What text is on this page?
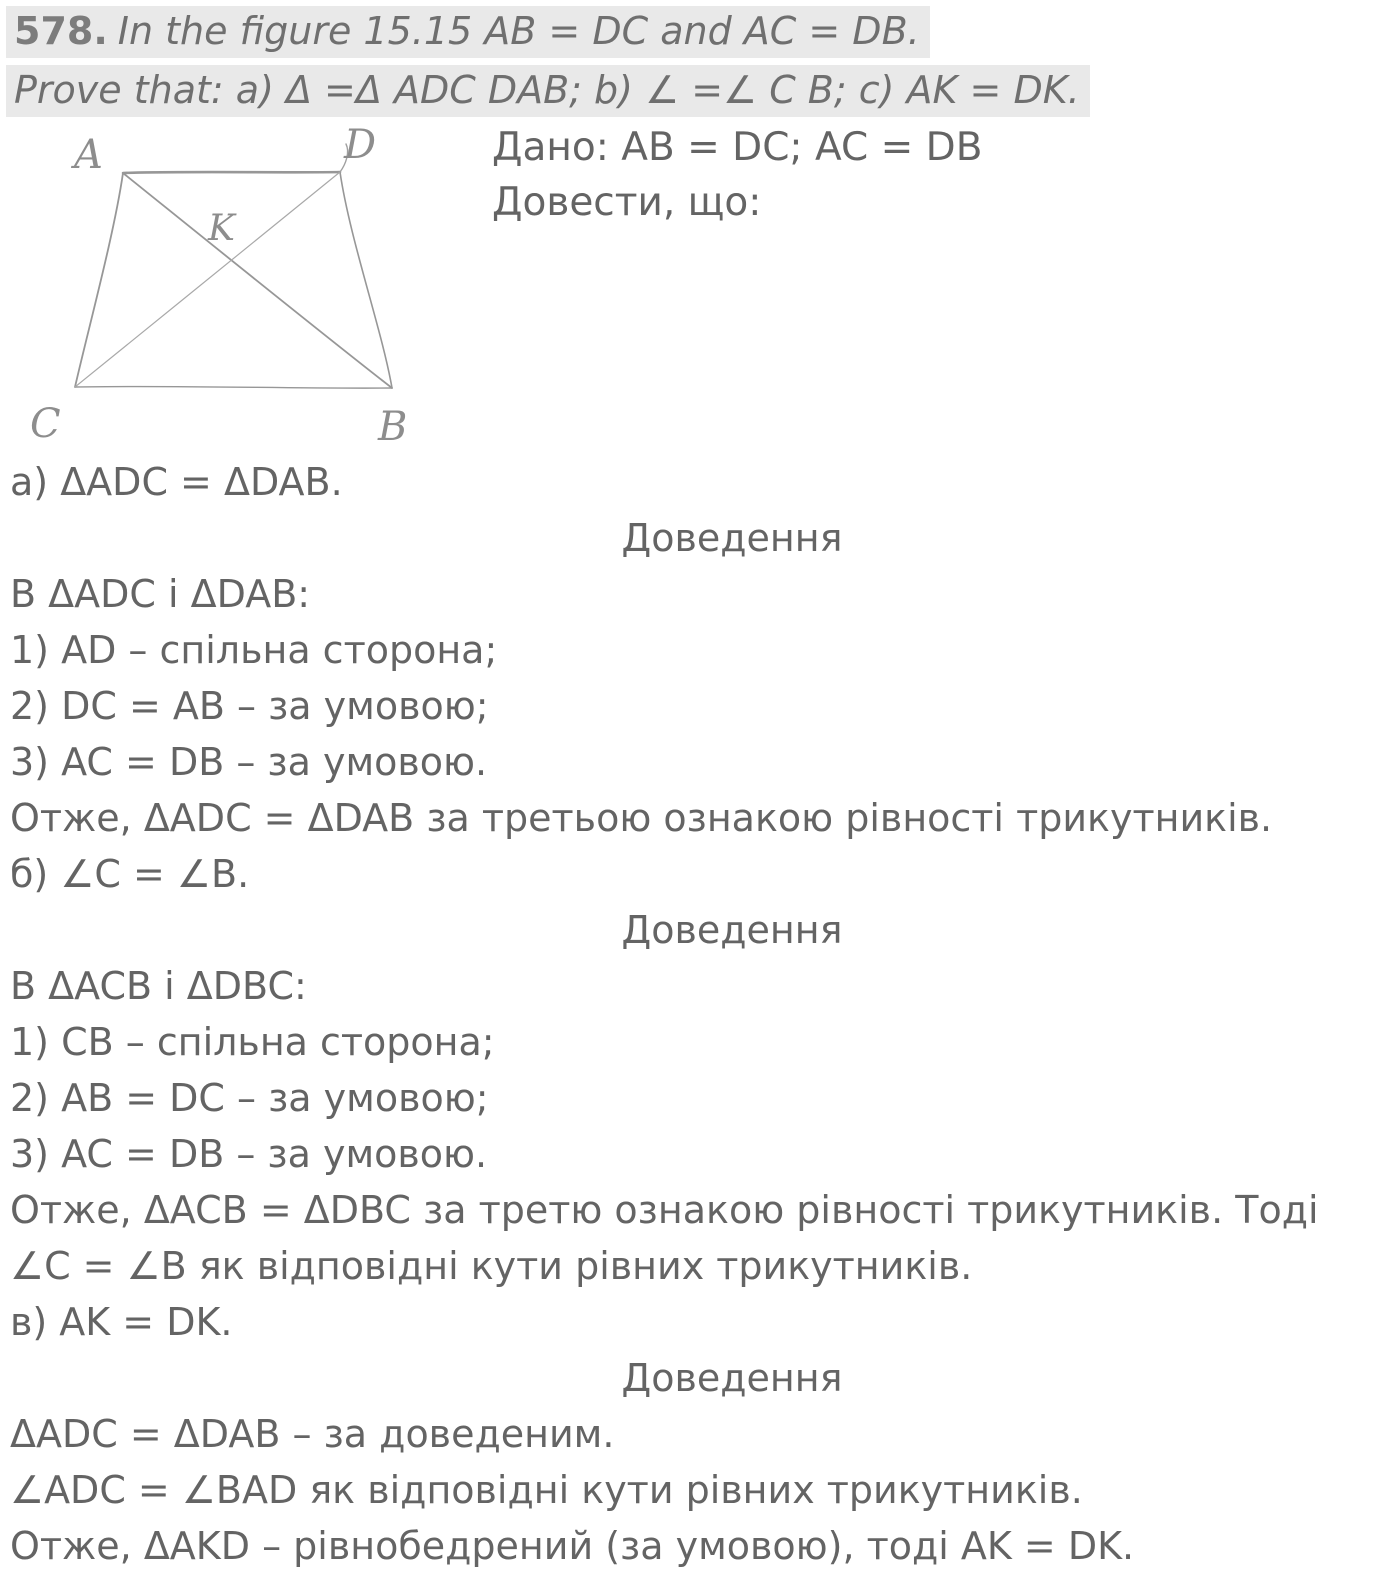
578. In the figure 15.15 AB = DC and AC = DB.
Prove that: a) Δ =Δ ADC DAB; b) ∠ =∠ C B; c) AK = DK.
A	D
C	B
K
Дано: AB = DC; AC = DB
Довести, що:
а) ΔADC = ΔDAB.
Доведення
В ΔADC і ΔDAB:
1) AD – спільна сторона;
2) DC = AB – за умовою;
3) AC = DB – за умовою.
Отже, ΔADC = ΔDAB за третьою ознакою рівності трикутників.
б) ∠C = ∠B.
Доведення
В ΔACB і ΔDBC:
1) CB – спільна сторона;
2) AB = DC – за умовою;
3) AC = DB – за умовою.
Отже, ΔACB = ΔDBC за третю ознакою рівності трикутників. Тоді
∠C = ∠B як відповідні кути рівних трикутників.
в) AK = DK.
Доведення
ΔADC = ΔDAB – за доведеним.
∠ADC = ∠BAD як відповідні кути рівних трикутників.
Отже, ΔAKD – рівнобедрений (за умовою), тоді AK = DK.
